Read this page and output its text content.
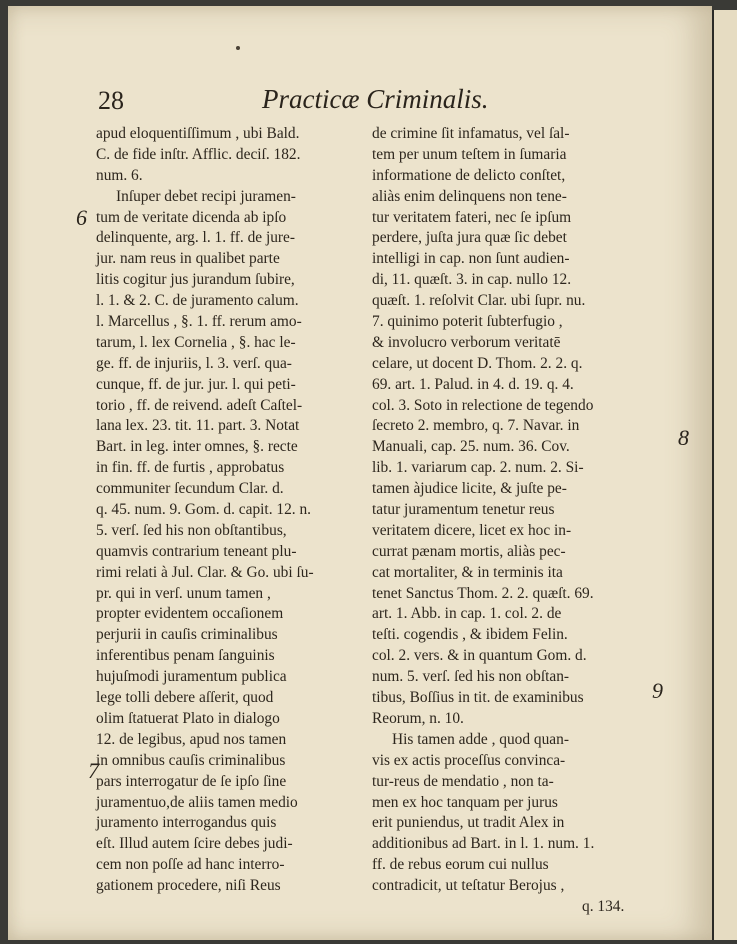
28	Practicæ Criminalis.
6
8
9
7
apud eloquentiſſimum , ubi Bald.
C. de fide inſtr. Afflic. deciſ. 182.
num. 6.
Inſuper debet recipi juramen-
tum de veritate dicenda ab ipſo
delinquente, arg. l. 1. ff. de jure-
jur. nam reus in qualibet parte
litis cogitur jus jurandum ſubire,
l. 1. & 2. C. de juramento calum.
l. Marcellus , §. 1. ff. rerum amo-
tarum, l. lex Cornelia , §. hac le-
ge. ff. de injuriis, l. 3. verſ. qua-
cunque, ff. de jur. jur. l. qui peti-
torio , ff. de reivend. adeſt Caſtel-
lana lex. 23. tit. 11. part. 3. Notat
Bart. in leg. inter omnes, §. recte
in fin. ff. de furtis , approbatus
communiter ſecundum Clar. d.
q. 45. num. 9. Gom. d. capit. 12. n.
5. verſ. ſed his non obſtantibus,
quamvis contrarium teneant plu-
rimi relati à Jul. Clar. & Go. ubi ſu-
pr. qui in verſ. unum tamen ,
propter evidentem occaſionem
perjurii in cauſis criminalibus
inferentibus penam ſanguinis
hujuſmodi juramentum publica
lege tolli debere aſſerit, quod
olim ſtatuerat Plato in dialogo
12. de legibus, apud nos tamen
in omnibus cauſis criminalibus
pars interrogatur de ſe ipſo ſine
juramentuo,de aliis tamen medio
juramento interrogandus quis
eſt. Illud autem ſcire debes judi-
cem non poſſe ad hanc interro-
gationem procedere, niſi Reus
de crimine ſit infamatus, vel ſal-
tem per unum teſtem in ſumaria
informatione de delicto conſtet,
aliàs enim delinquens non tene-
tur veritatem fateri, nec ſe ipſum
perdere, juſta jura quæ ſic debet
intelligi in cap. non ſunt audien-
di, 11. quæſt. 3. in cap. nullo 12.
quæſt. 1. reſolvit Clar. ubi ſupr. nu.
7. quinimo poterit ſubterfugio ,
& involucro verborum veritatē
celare, ut docent D. Thom. 2. 2. q.
69. art. 1. Palud. in 4. d. 19. q. 4.
col. 3. Soto in relectione de tegendo
ſecreto 2. membro, q. 7. Navar. in
Manuali, cap. 25. num. 36. Cov.
lib. 1. variarum cap. 2. num. 2. Si-
tamen àjudice licite, & juſte pe-
tatur juramentum tenetur reus
veritatem dicere, licet ex hoc in-
currat pænam mortis, aliàs pec-
cat mortaliter, & in terminis ita
tenet Sanctus Thom. 2. 2. quæſt. 69.
art. 1. Abb. in cap. 1. col. 2. de
teſti. cogendis , & ibidem Felin.
col. 2. vers. & in quantum Gom. d.
num. 5. verſ. ſed his non obſtan-
tibus, Boſſius in tit. de examinibus
Reorum, n. 10.
His tamen adde , quod quan-
vis ex actis proceſſus convinca-
tur-reus de mendatio , non ta-
men ex hoc tanquam per jurus
erit puniendus, ut tradit Alex in
additionibus ad Bart. in l. 1. num. 1.
ff. de rebus eorum cui nullus
contradicit, ut teſtatur Berojus ,
q. 134.
